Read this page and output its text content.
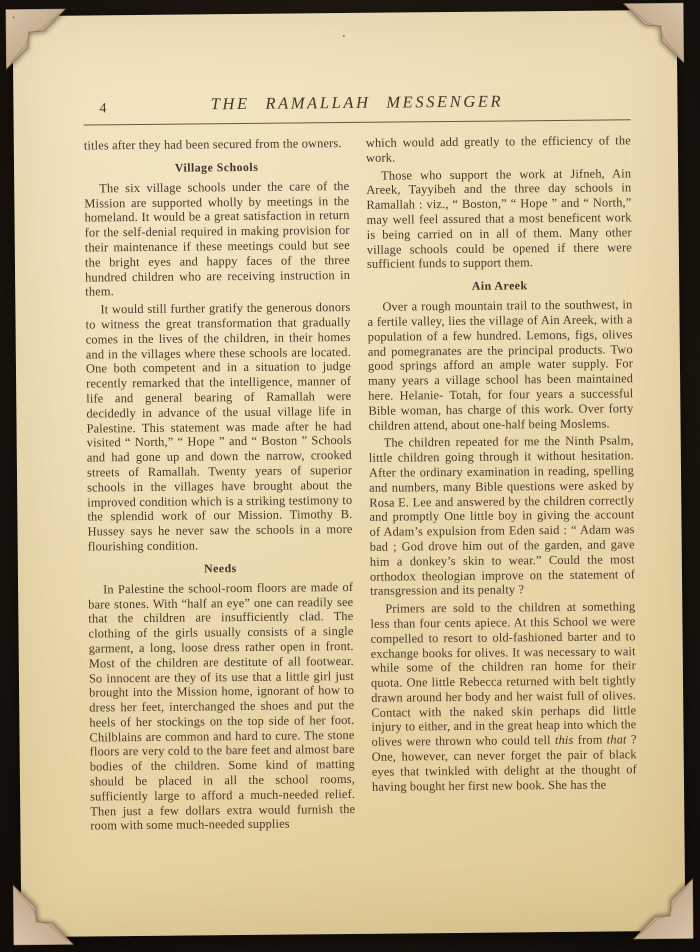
4	THE RAMALLAH MESSENGER

titles after they had been secured from the owners.

Village Schools

The six village schools under the care of the Mission are supported wholly by meetings in the homeland. It would be a great satisfaction in return for the self-denial required in making provision for their maintenance if these meetings could but see the bright eyes and happy faces of the three hundred children who are receiving instruction in them.

It would still further gratify the generous donors to witness the great transformation that gradually comes in the lives of the children, in their homes and in the villages where these schools are located. One both competent and in a situation to judge recently remarked that the intelligence, manner of life and general bearing of Ramallah were decidedly in advance of the usual village life in Palestine. This statement was made after he had visited “ North,” “ Hope ” and “ Boston ” Schools and had gone up and down the narrow, crooked streets of Ramallah. Twenty years of superior schools in the villages have brought about the improved condition which is a striking testimony to the splendid work of our Mission. Timothy B. Hussey says he never saw the schools in a more flourishing condition.

Needs

In Palestine the school-room floors are made of bare stones. With “half an eye” one can readily see that the children are insufficiently clad. The clothing of the girls usually consists of a single garment, a long, loose dress rather open in front. Most of the children are destitute of all footwear. So innocent are they of its use that a little girl just brought into the Mission home, ignorant of how to dress her feet, interchanged the shoes and put the heels of her stockings on the top side of her foot. Chilblains are common and hard to cure. The stone floors are very cold to the bare feet and almost bare bodies of the children. Some kind of matting should be placed in all the school rooms, sufficiently large to afford a much-needed relief. Then just a few dollars extra would furnish the room with some much-needed supplies

which would add greatly to the efficiency of the work.

Those who support the work at Jifneh, Ain Areek, Tayyibeh and the three day schools in Ramallah : viz., “ Boston,” “ Hope ” and “ North,” may well feel assured that a most beneficent work is being carried on in all of them. Many other village schools could be opened if there were sufficient funds to support them.

Ain Areek

Over a rough mountain trail to the southwest, in a fertile valley, lies the village of Ain Areek, with a population of a few hundred. Lemons, figs, olives and pomegranates are the principal products. Two good springs afford an ample water supply. For many years a village school has been maintained here. Helanie- Totah, for four years a successful Bible woman, has charge of this work. Over forty children attend, about one-half being Moslems.

The children repeated for me the Ninth Psalm, little children going through it without hesitation. After the ordinary examination in reading, spelling and numbers, many Bible questions were asked by Rosa E. Lee and answered by the children correctly and promptly One little boy in giving the account of Adam’s expulsion from Eden said : “ Adam was bad ; God drove him out of the garden, and gave him a donkey’s skin to wear.” Could the most orthodox theologian improve on the statement of transgression and its penalty ?

Primers are sold to the children at something less than four cents apiece. At this School we were compelled to resort to old-fashioned barter and to exchange books for olives. It was necessary to wait while some of the children ran home for their quota. One little Rebecca returned with belt tightly drawn around her body and her waist full of olives. Contact with the naked skin perhaps did little injury to either, and in the great heap into which the olives were thrown who could tell this from that ? One, however, can never forget the pair of black eyes that twinkled with delight at the thought of having bought her first new book. She has the
